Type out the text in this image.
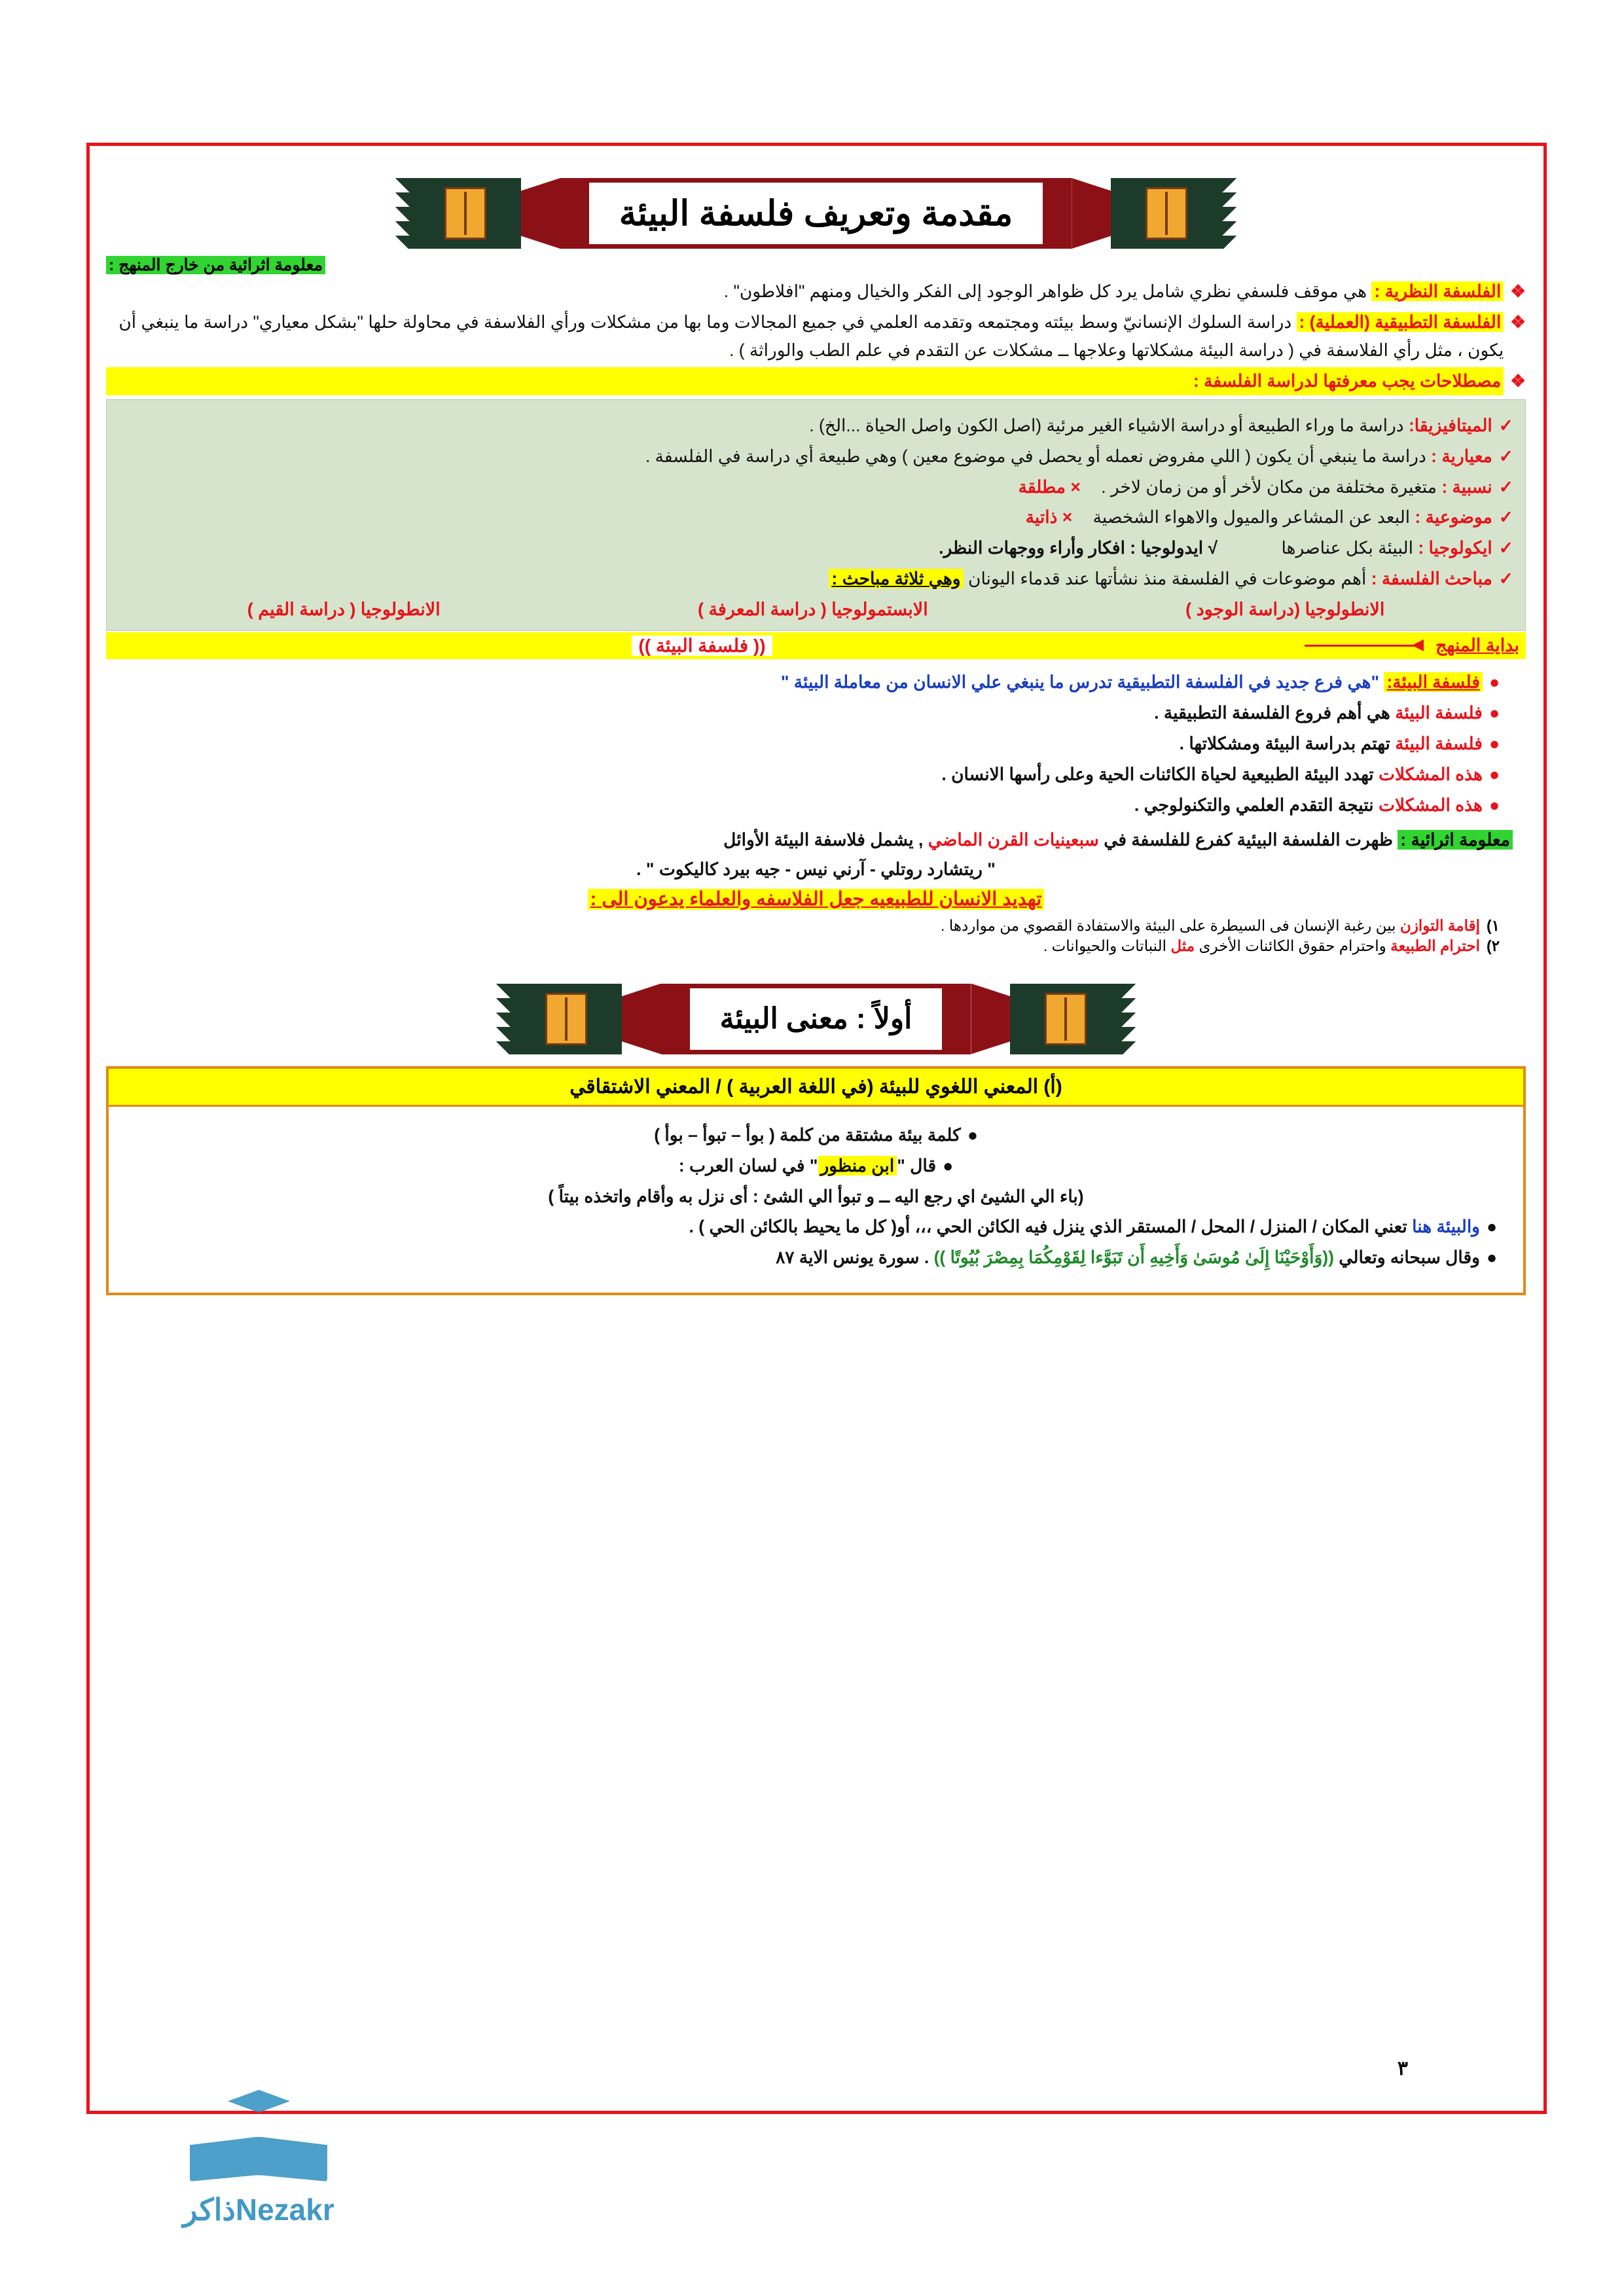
مقدمة وتعريف فلسفة البيئة
معلومة اثرائية من خارج المنهج :
❖
الفلسفة النظرية : هي موقف فلسفي نظري شامل يرد كل ظواهر الوجود إلى الفكر والخيال ومنهم "افلاطون" .
❖
الفلسفة التطبيقية (العملية) : دراسة السلوك الإنسانيّ وسط بيئته ومجتمعه وتقدمه العلمي في جميع المجالات وما بها من مشكلات ورأي الفلاسفة في محاولة حلها "بشكل معياري" دراسة ما ينبغي أن يكون ، مثل رأي الفلاسفة في ( دراسة البيئة مشكلاتها وعلاجها ــ مشكلات عن التقدم في علم الطب والوراثة ) .
❖
مصطلاحات يجب معرفتها لدراسة الفلسفة :
✓
الميتافيزيقا: دراسة ما وراء الطبيعة أو دراسة الاشياء الغير مرئية (اصل الكون واصل الحياة ...الخ) .
✓
معيارية : دراسة ما ينبغي أن يكون ( اللي مفروض نعمله أو يحصل في موضوع معين ) وهي طبيعة أي دراسة في الفلسفة .
✓
نسبية : متغيرة مختلفة من مكان لأخر أو من زمان لاخر . × مطلقة
✓
موضوعية : البعد عن المشاعر والميول والاهواء الشخصية × ذاتية
✓
ايكولوجيا : البيئة بكل عناصرها √ ايدولوجيا : افكار وأراء ووجهات النظر.
✓
مباحث الفلسفة : أهم موضوعات في الفلسفة منذ نشأتها عند قدماء اليونان وهي ثلاثة مباحث :
الانطولوجيا (دراسة الوجود )
الابستمولوجيا ( دراسة المعرفة )
الانطولوجيا ( دراسة القيم )
بداية المنهج
(( فلسفة البيئة ))
●
فلسفة البيئة: "هي فرع جديد في الفلسفة التطبيقية تدرس ما ينبغي علي الانسان من معاملة البيئة "
●
فلسفة البيئة هي أهم فروع الفلسفة التطبيقية .
●
فلسفة البيئة تهتم بدراسة البيئة ومشكلاتها .
●
هذه المشكلات تهدد البيئة الطبيعية لحياة الكائنات الحية وعلى رأسها الانسان .
●
هذه المشكلات نتيجة التقدم العلمي والتكنولوجي .
معلومة اثرائية : ظهرت الفلسفة البيئية كفرع للفلسفة في سبعينيات القرن الماضي , يشمل فلاسفة البيئة الأوائل
" ريتشارد روتلي - آرني نيس - جيه بيرد كاليكوت " .
تهديد الانسان للطبيعيه جعل الفلاسفه والعلماء يدعون الى :
١)
إقامة التوازن بين رغبة الإنسان فى السيطرة على البيئة والاستفادة القصوي من مواردها .
٢)
احترام الطبيعة واحترام حقوق الكائنات الأخرى مثل النباتات والحيوانات .
أولاً : معنى البيئة
(أ) المعني اللغوي للبيئة (في اللغة العربية ) / المعني الاشتقاقي
●
كلمة بيئة مشتقة من كلمة ( بوأ – تبوأ – بوأ )
●
قال "ابن منظور" في لسان العرب :
(باء الي الشيئ اي رجع اليه ــ و تبوأ الي الشئ : أى نزل به وأقام واتخذه بيتاً )
●
والبيئة هنا تعني المكان / المنزل / المحل / المستقر الذي ينزل فيه الكائن الحي ،،، أو( كل ما يحيط بالكائن الحي ) .
●
وقال سبحانه وتعالي ((وَأَوْحَيْنَا إِلَىٰ مُوسَىٰ وَأَخِيهِ أَن تَبَوَّءا لِقَوْمِكُمَا بِمِصْرَ بُيُوتًا )) . سورة يونس الاية ٨٧
٣
Nezakrذاكر
